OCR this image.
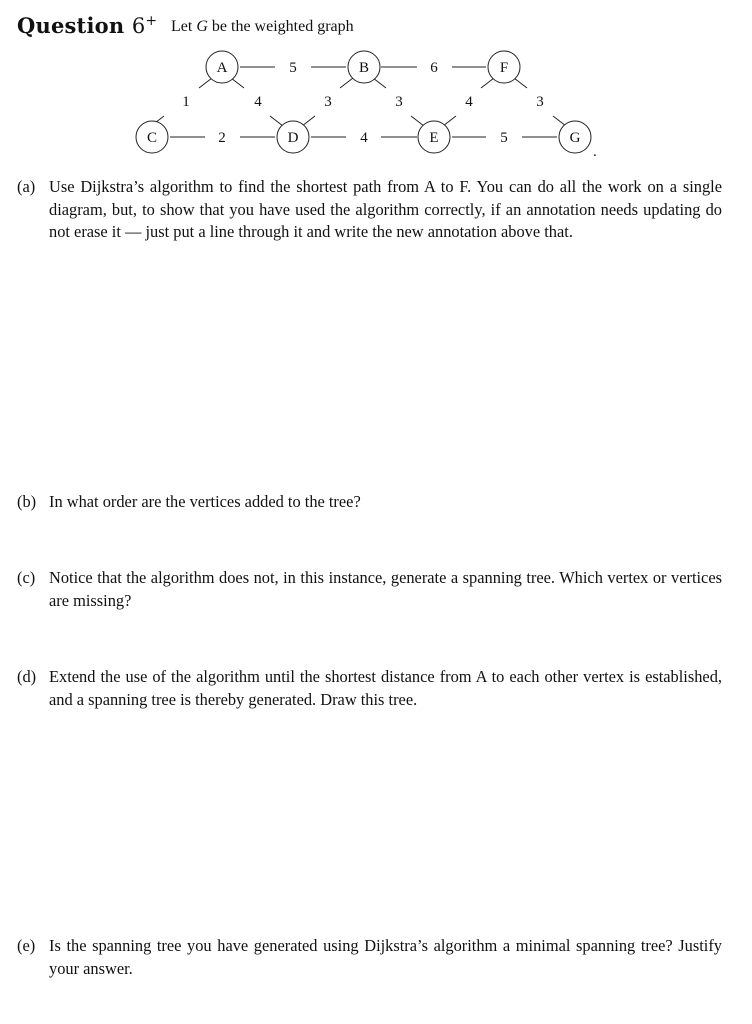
Question 6+ Let G be the weighted graph
5	6
2	4	5
1	4	3	3	4	3
A	B	F
C	D	E	G
.
(a) Use Dijkstra’s algorithm to find the shortest path from A to F. You can do all the work on a single diagram, but, to show that you have used the algorithm correctly, if an annotation needs updating do not erase it — just put a line through it and write the new annotation above that.
(b) In what order are the vertices added to the tree?
(c) Notice that the algorithm does not, in this instance, generate a spanning tree. Which vertex or vertices are missing?
(d) Extend the use of the algorithm until the shortest distance from A to each other vertex is established, and a spanning tree is thereby generated. Draw this tree.
(e) Is the spanning tree you have generated using Dijkstra’s algorithm a minimal spanning tree? Justify your answer.
